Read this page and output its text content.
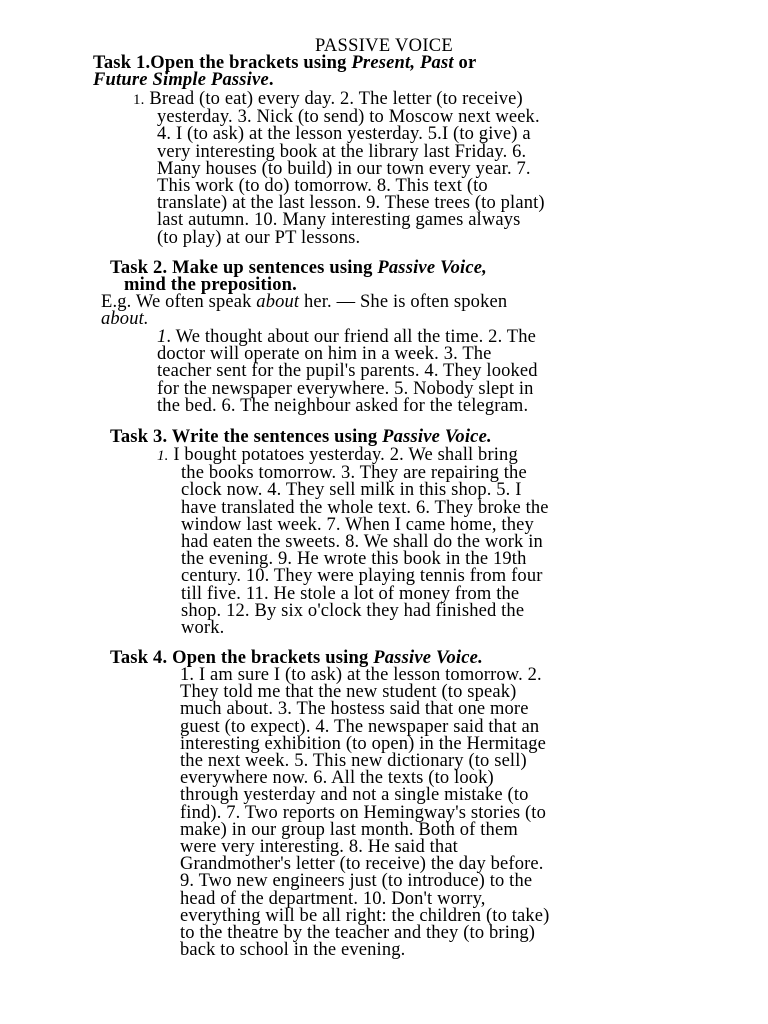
PASSIVE VOICE
Task 1.Open the brackets using Present, Past or
Future Simple Passive.
1. Bread (to eat) every day. 2. The letter (to receive)
yesterday. 3. Nick (to send) to Moscow next week.
4. I (to ask) at the lesson yesterday. 5.I (to give) a
very interesting book at the library last Friday. 6.
Many houses (to build) in our town every year. 7.
This work (to do) tomorrow. 8. This text (to
translate) at the last lesson. 9. These trees (to plant)
last autumn. 10. Many interesting games always
(to play) at our PT lessons.
Task 2. Make up sentences using Passive Voice,
mind the preposition.
E.g. We often speak about her. — She is often spoken
about.
1. We thought about our friend all the time. 2. The
doctor will operate on him in a week. 3. The
teacher sent for the pupil's parents. 4. They looked
for the newspaper everywhere. 5. Nobody slept in
the bed. 6. The neighbour asked for the telegram.
Task 3. Write the sentences using Passive Voice.
1. I bought potatoes yesterday. 2. We shall bring
the books tomorrow. 3. They are repairing the
clock now. 4. They sell milk in this shop. 5. I
have translated the whole text. 6. They broke the
window last week. 7. When I came home, they
had eaten the sweets. 8. We shall do the work in
the evening. 9. He wrote this book in the 19th
century. 10. They were playing tennis from four
till five. 11. He stole a lot of money from the
shop. 12. By six o'clock they had finished the
work.
Task 4. Open the brackets using Passive Voice.
1. I am sure I (to ask) at the lesson tomorrow. 2.
They told me that the new student (to speak)
much about. 3. The hostess said that one more
guest (to expect). 4. The newspaper said that an
interesting exhibition (to open) in the Hermitage
the next week. 5. This new dictionary (to sell)
everywhere now. 6. All the texts (to look)
through yesterday and not a single mistake (to
find). 7. Two reports on Hemingway's stories (to
make) in our group last month. Both of them
were very interesting. 8. He said that
Grandmother's letter (to receive) the day before.
9. Two new engineers just (to introduce) to the
head of the department. 10. Don't worry,
everything will be all right: the children (to take)
to the theatre by the teacher and they (to bring)
back to school in the evening.
